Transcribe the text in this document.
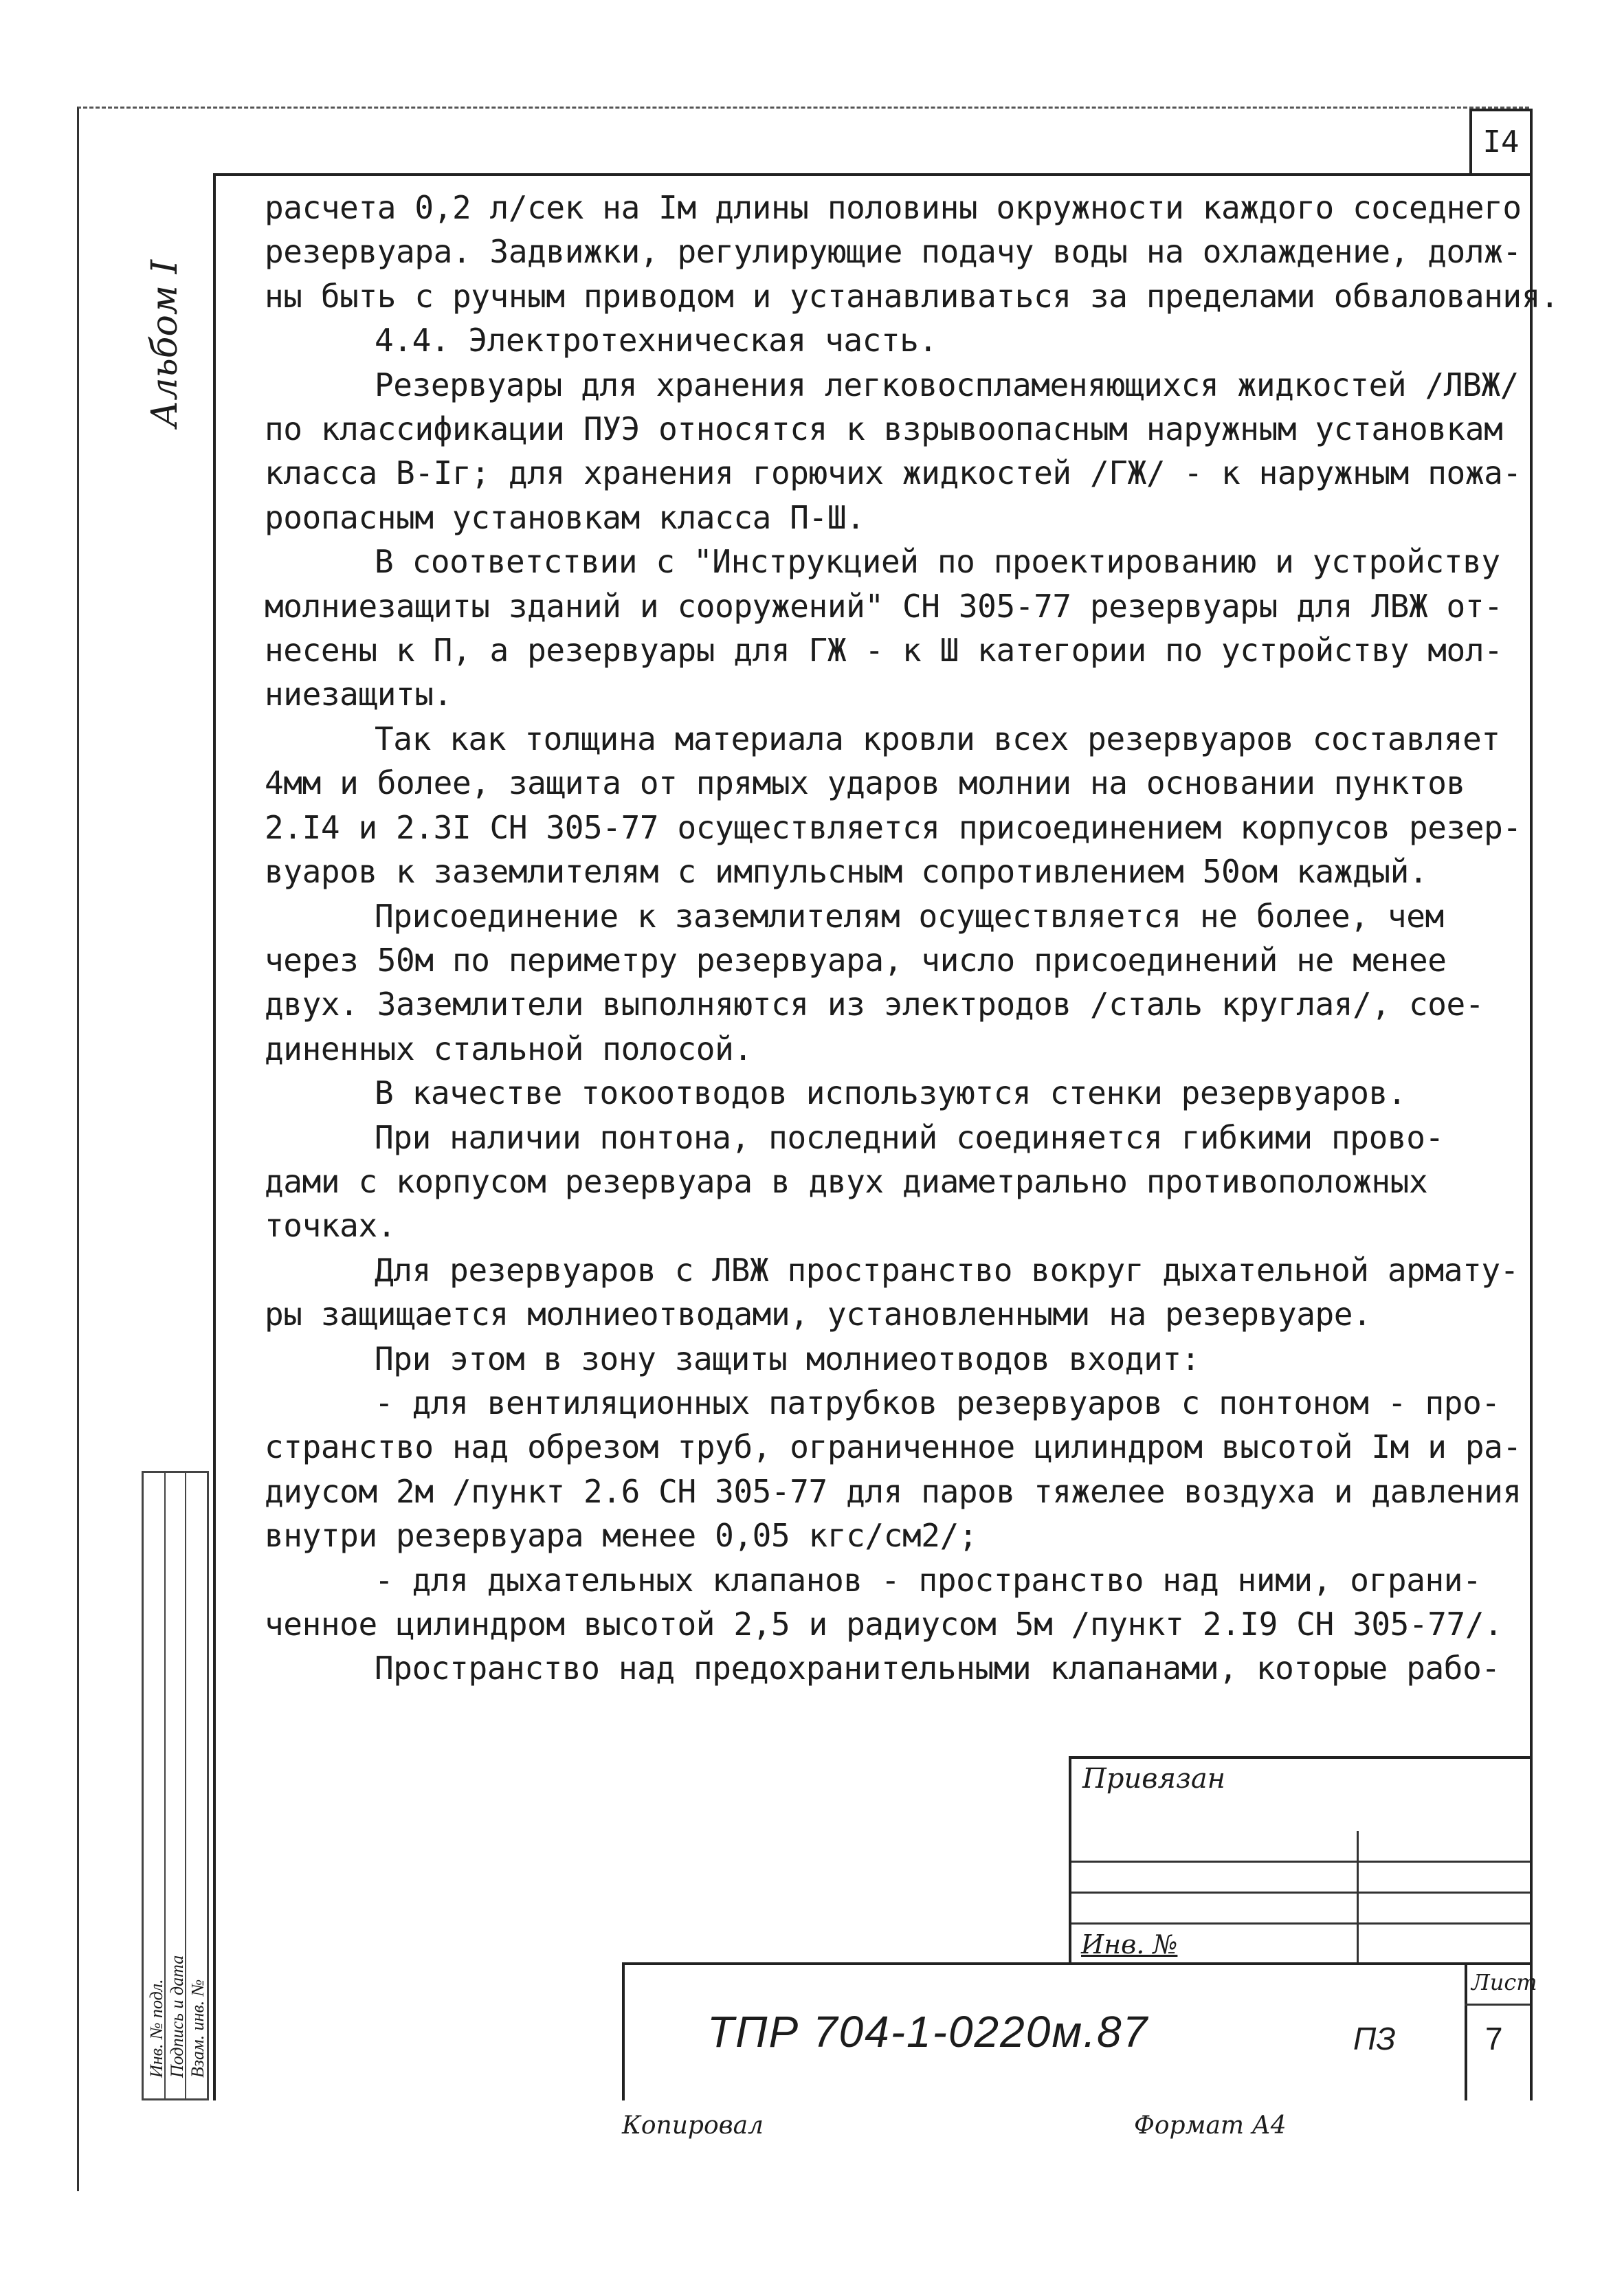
I4
Альбом I
Инв. № подл. Подпись и дата Взам. инв. №

расчета 0,2 л/сек на Iм длины половины окружности каждого соседнего

резервуара. Задвижки, регулирующие подачу воды на охлаждение, долж-

ны быть с ручным приводом и устанавливаться за пределами обвалования.

4.4. Электротехническая часть.

Резервуары для хранения легковоспламеняющихся жидкостей /ЛВЖ/

по классификации ПУЭ относятся к взрывоопасным наружным установкам

класса В-Iг; для хранения горючих жидкостей /ГЖ/ - к наружным пожа-

роопасным установкам класса П-Ш.

В соответствии с "Инструкцией по проектированию и устройству

молниезащиты зданий и сооружений" СН 305-77 резервуары для ЛВЖ от-

несены к П, а резервуары для ГЖ - к Ш категории по устройству мол-

ниезащиты.

Так как толщина материала кровли всех резервуаров составляет

4мм и более, защита от прямых ударов молнии на основании пунктов

2.I4 и 2.3I СН 305-77 осуществляется присоединением корпусов резер-

вуаров к заземлителям с импульсным сопротивлением 50ом каждый.

Присоединение к заземлителям осуществляется не более, чем

через 50м по периметру резервуара, число присоединений не менее

двух. Заземлители выполняются из электродов /сталь круглая/, сое-

диненных стальной полосой.

В качестве токоотводов используются стенки резервуаров.

При наличии понтона, последний соединяется гибкими прово-

дами с корпусом резервуара в двух диаметрально противоположных

точках.

Для резервуаров с ЛВЖ пространство вокруг дыхательной армату-

ры защищается молниеотводами, установленными на резервуаре.

При этом в зону защиты молниеотводов входит:

- для вентиляционных патрубков резервуаров с понтоном - про-

странство над обрезом труб, ограниченное цилиндром высотой Iм и ра-

диусом 2м /пункт 2.6 СН 305-77 для паров тяжелее воздуха и давления

внутри резервуара менее 0,05 кгс/см2/;

- для дыхательных клапанов - пространство над ними, ограни-

ченное цилиндром высотой 2,5 и радиусом 5м /пункт 2.I9 СН 305-77/.

Пространство над предохранительными клапанами, которые рабо-

Привязан
Инв. №
ТПР 704-1-0220м.87	ПЗ
Лист
7
Копировал	Формат А4
